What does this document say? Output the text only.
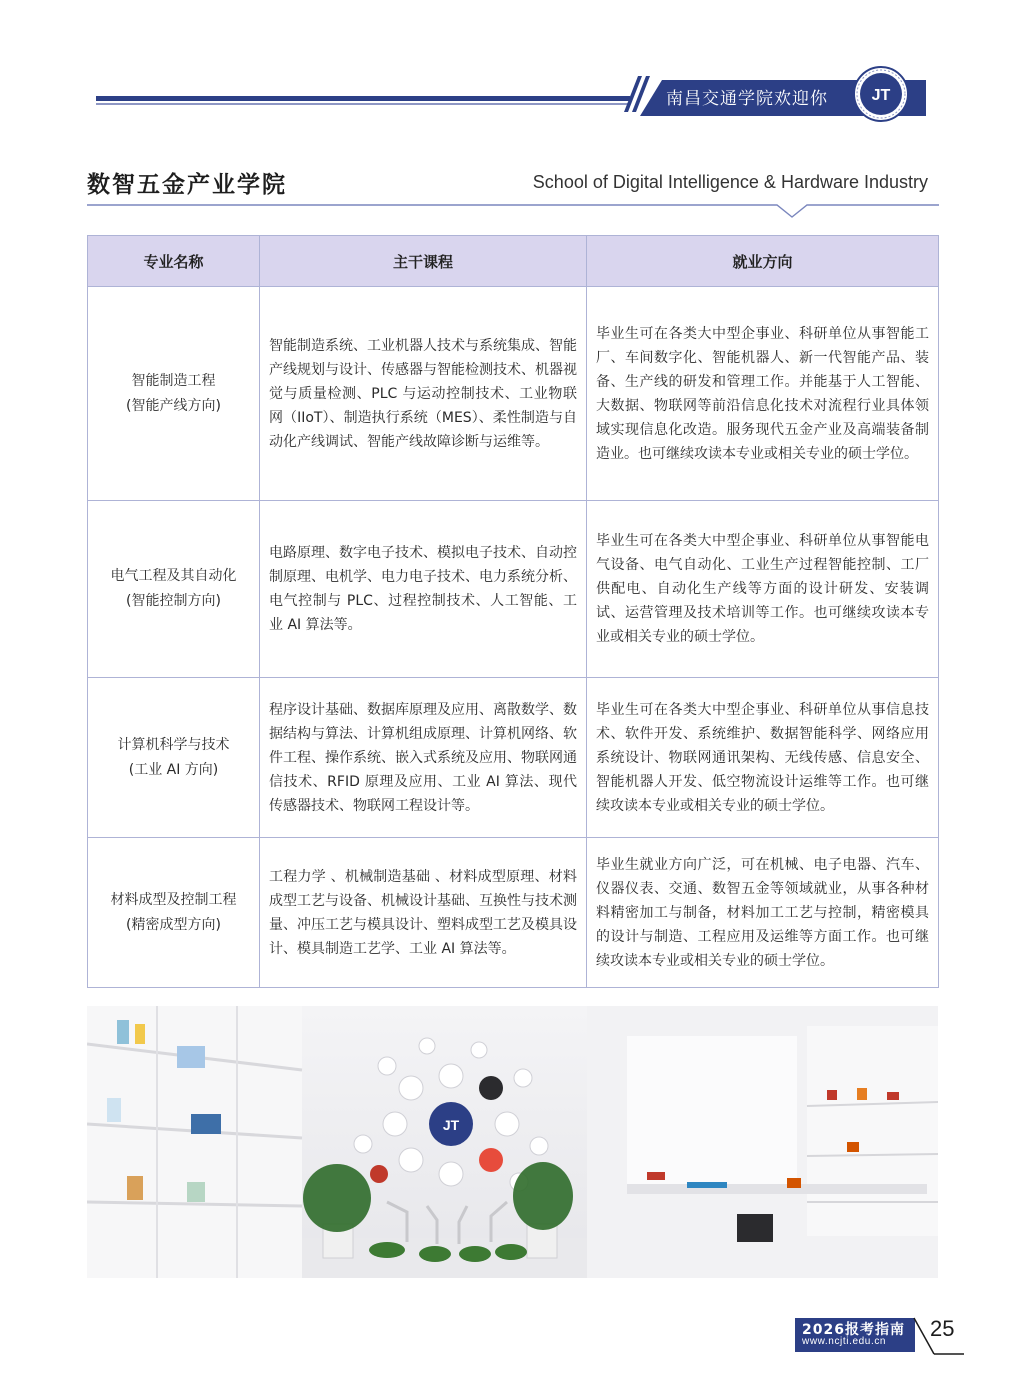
南昌交通学院欢迎你	JT
数智五金产业学院	School of Digital Intelligence & Hardware Industry
专业名称	主干课程	就业方向

智能制造工程
(智能产线方向)	智能制造系统、工业机器人技术与系统集成、智能产线规划与设计、传感器与智能检测技术、机器视觉与质量检测、PLC 与运动控制技术、工业物联网（IIoT）、制造执行系统（MES）、柔性制造与自动化产线调试、智能产线故障诊断与运维等。	毕业生可在各类大中型企事业、科研单位从事智能工厂、车间数字化、智能机器人、新一代智能产品、装备、生产线的研发和管理工作。并能基于人工智能、大数据、物联网等前沿信息化技术对流程行业具体领域实现信息化改造。服务现代五金产业及高端装备制造业。也可继续攻读本专业或相关专业的硕士学位。

电气工程及其自动化
(智能控制方向)	电路原理、数字电子技术、模拟电子技术、自动控制原理、电机学、电力电子技术、电力系统分析、电气控制与 PLC、过程控制技术、人工智能、工业 AI 算法等。	毕业生可在各类大中型企事业、科研单位从事智能电气设备、电气自动化、工业生产过程智能控制、工厂供配电、自动化生产线等方面的设计研发、安装调试、运营管理及技术培训等工作。也可继续攻读本专业或相关专业的硕士学位。

计算机科学与技术
(工业 AI 方向)	程序设计基础、数据库原理及应用、离散数学、数据结构与算法、计算机组成原理、计算机网络、软件工程、操作系统、嵌入式系统及应用、物联网通信技术、RFID 原理及应用、工业 AI 算法、现代传感器技术、物联网工程设计等。	毕业生可在各类大中型企事业、科研单位从事信息技术、软件开发、系统维护、数据智能科学、网络应用系统设计、物联网通讯架构、无线传感、信息安全、智能机器人开发、低空物流设计运维等工作。也可继续攻读本专业或相关专业的硕士学位。

材料成型及控制工程
(精密成型方向)	工程力学 、机械制造基础 、材料成型原理、材料成型工艺与设备、机械设计基础、互换性与技术测量、冲压工艺与模具设计、塑料成型工艺及模具设计、模具制造工艺学、工业 AI 算法等。	毕业生就业方向广泛，可在机械、电子电器、汽车、仪器仪表、交通、数智五金等领域就业，从事各种材料精密加工与制备，材料加工工艺与控制，精密模具的设计与制造、工程应用及运维等方面工作。也可继续攻读本专业或相关专业的硕士学位。
JT
2026报考指南
www.ncjti.edu.cn
25
